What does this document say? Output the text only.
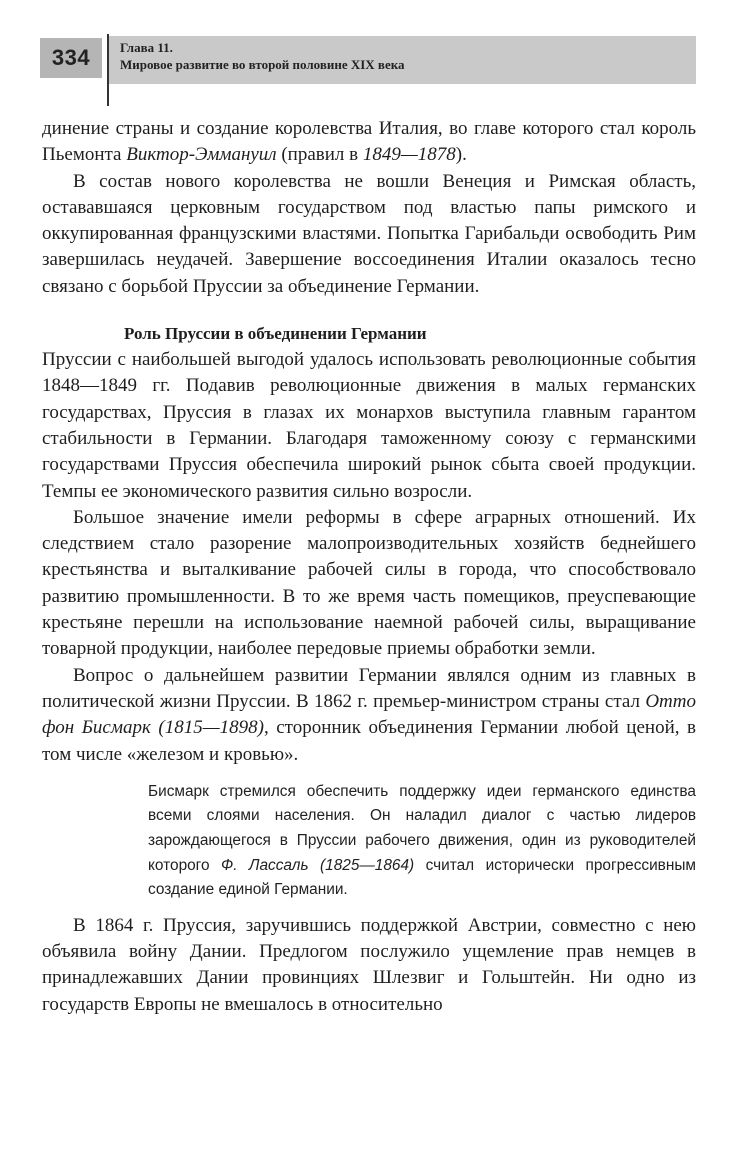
334	Глава 11.
Мировое развитие во второй половине XIX века

динение страны и создание королевства Италия, во главе которого стал король Пьемонта Виктор-Эммануил (правил в 1849—1878).

В состав нового королевства не вошли Венеция и Римская область, остававшаяся церковным государством под властью папы римского и оккупированная французскими властями. Попытка Гарибальди освободить Рим завершилась неудачей. Завершение воссоединения Италии оказалось тесно связано с борьбой Пруссии за объединение Германии.

Роль Пруссии в объединении Германии

Пруссии с наибольшей выгодой удалось использовать революционные события 1848—1849 гг. Подавив революционные движения в малых германских государствах, Пруссия в глазах их монархов выступила главным гарантом стабильности в Германии. Благодаря таможенному союзу с германскими государствами Пруссия обеспечила широкий рынок сбыта своей продукции. Темпы ее экономического развития сильно возросли.

Большое значение имели реформы в сфере аграрных отношений. Их следствием стало разорение малопроизводительных хозяйств беднейшего крестьянства и выталкивание рабочей силы в города, что способствовало развитию промышленности. В то же время часть помещиков, преуспевающие крестьяне перешли на использование наемной рабочей силы, выращивание товарной продукции, наиболее передовые приемы обработки земли.

Вопрос о дальнейшем развитии Германии являлся одним из главных в политической жизни Пруссии. В 1862 г. премьер-министром страны стал Отто фон Бисмарк (1815—1898), сторонник объединения Германии любой ценой, в том числе «железом и кровью».

Бисмарк стремился обеспечить поддержку идеи германского единства всеми слоями населения. Он наладил диалог с частью лидеров зарождающегося в Пруссии рабочего движения, один из руководителей которого Ф. Лассаль (1825—1864) считал исторически прогрессивным создание единой Германии.

В 1864 г. Пруссия, заручившись поддержкой Австрии, совместно с нею объявила войну Дании. Предлогом послужило ущемление прав немцев в принадлежавших Дании провинциях Шлезвиг и Гольштейн. Ни одно из государств Европы не вмешалось в относительно
